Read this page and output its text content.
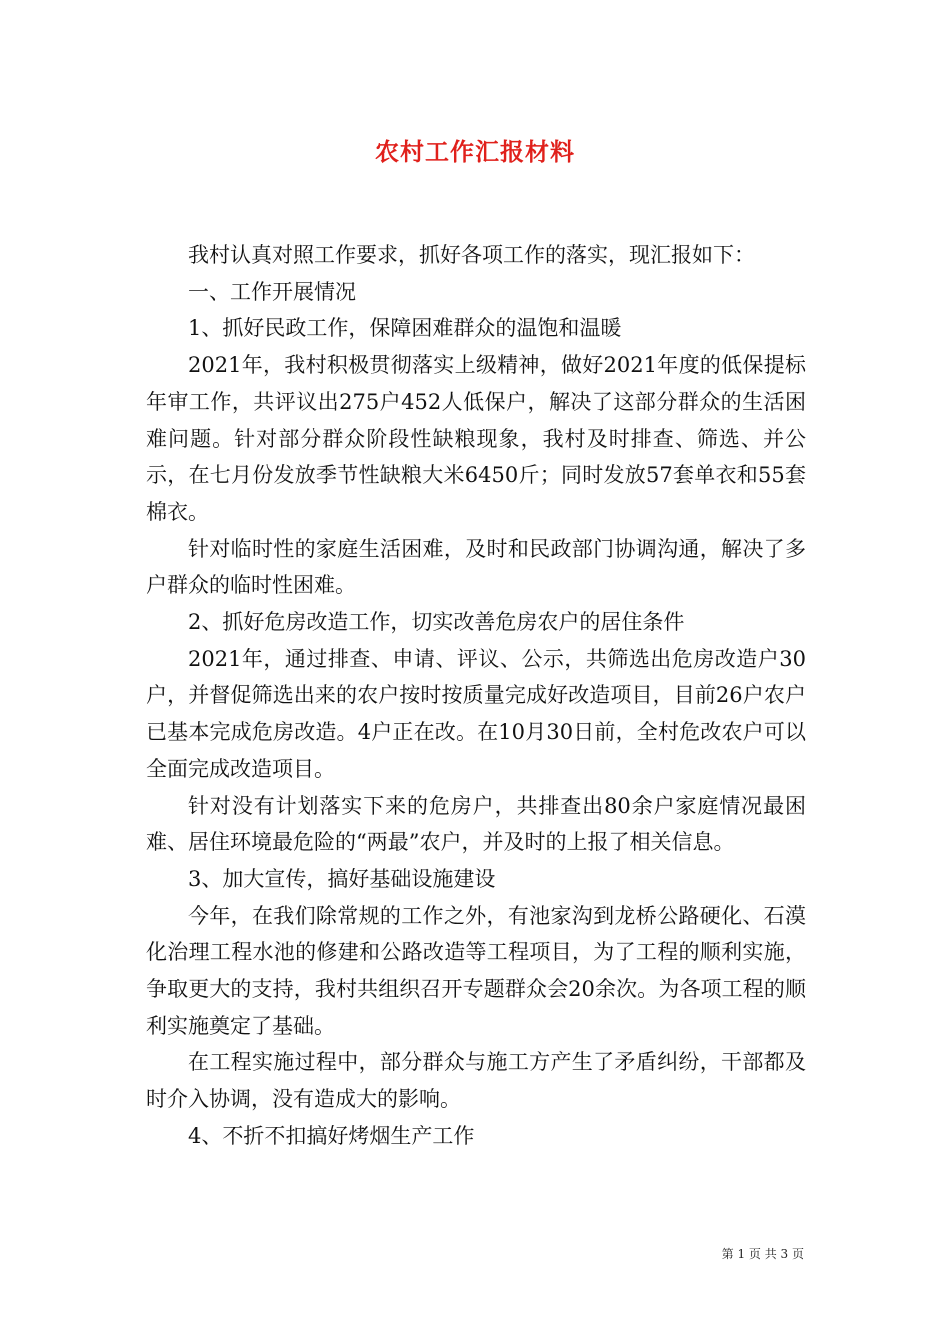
农村工作汇报材料

我村认真对照工作要求，抓好各项工作的落实，现汇报如下：

一、工作开展情况

1、抓好民政工作，保障困难群众的温饱和温暖

2021年，我村积极贯彻落实上级精神，做好2021年度的低保提标年审工作，共评议出275户452人低保户，解决了这部分群众的生活困难问题。针对部分群众阶段性缺粮现象，我村及时排查、筛选、并公示，在七月份发放季节性缺粮大米6450斤；同时发放57套单衣和55套棉衣。

针对临时性的家庭生活困难，及时和民政部门协调沟通，解决了多户群众的临时性困难。

2、抓好危房改造工作，切实改善危房农户的居住条件

2021年，通过排查、申请、评议、公示，共筛选出危房改造户30户，并督促筛选出来的农户按时按质量完成好改造项目，目前26户农户已基本完成危房改造。4户正在改。在10月30日前，全村危改农户可以全面完成改造项目。

针对没有计划落实下来的危房户，共排查出80余户家庭情况最困难、居住环境最危险的“两最”农户，并及时的上报了相关信息。

3、加大宣传，搞好基础设施建设

今年，在我们除常规的工作之外，有池家沟到龙桥公路硬化、石漠化治理工程水池的修建和公路改造等工程项目，为了工程的顺利实施，争取更大的支持，我村共组织召开专题群众会20余次。为各项工程的顺利实施奠定了基础。

在工程实施过程中，部分群众与施工方产生了矛盾纠纷，干部都及时介入协调，没有造成大的影响。

4、不折不扣搞好烤烟生产工作

第 1 页 共 3 页
